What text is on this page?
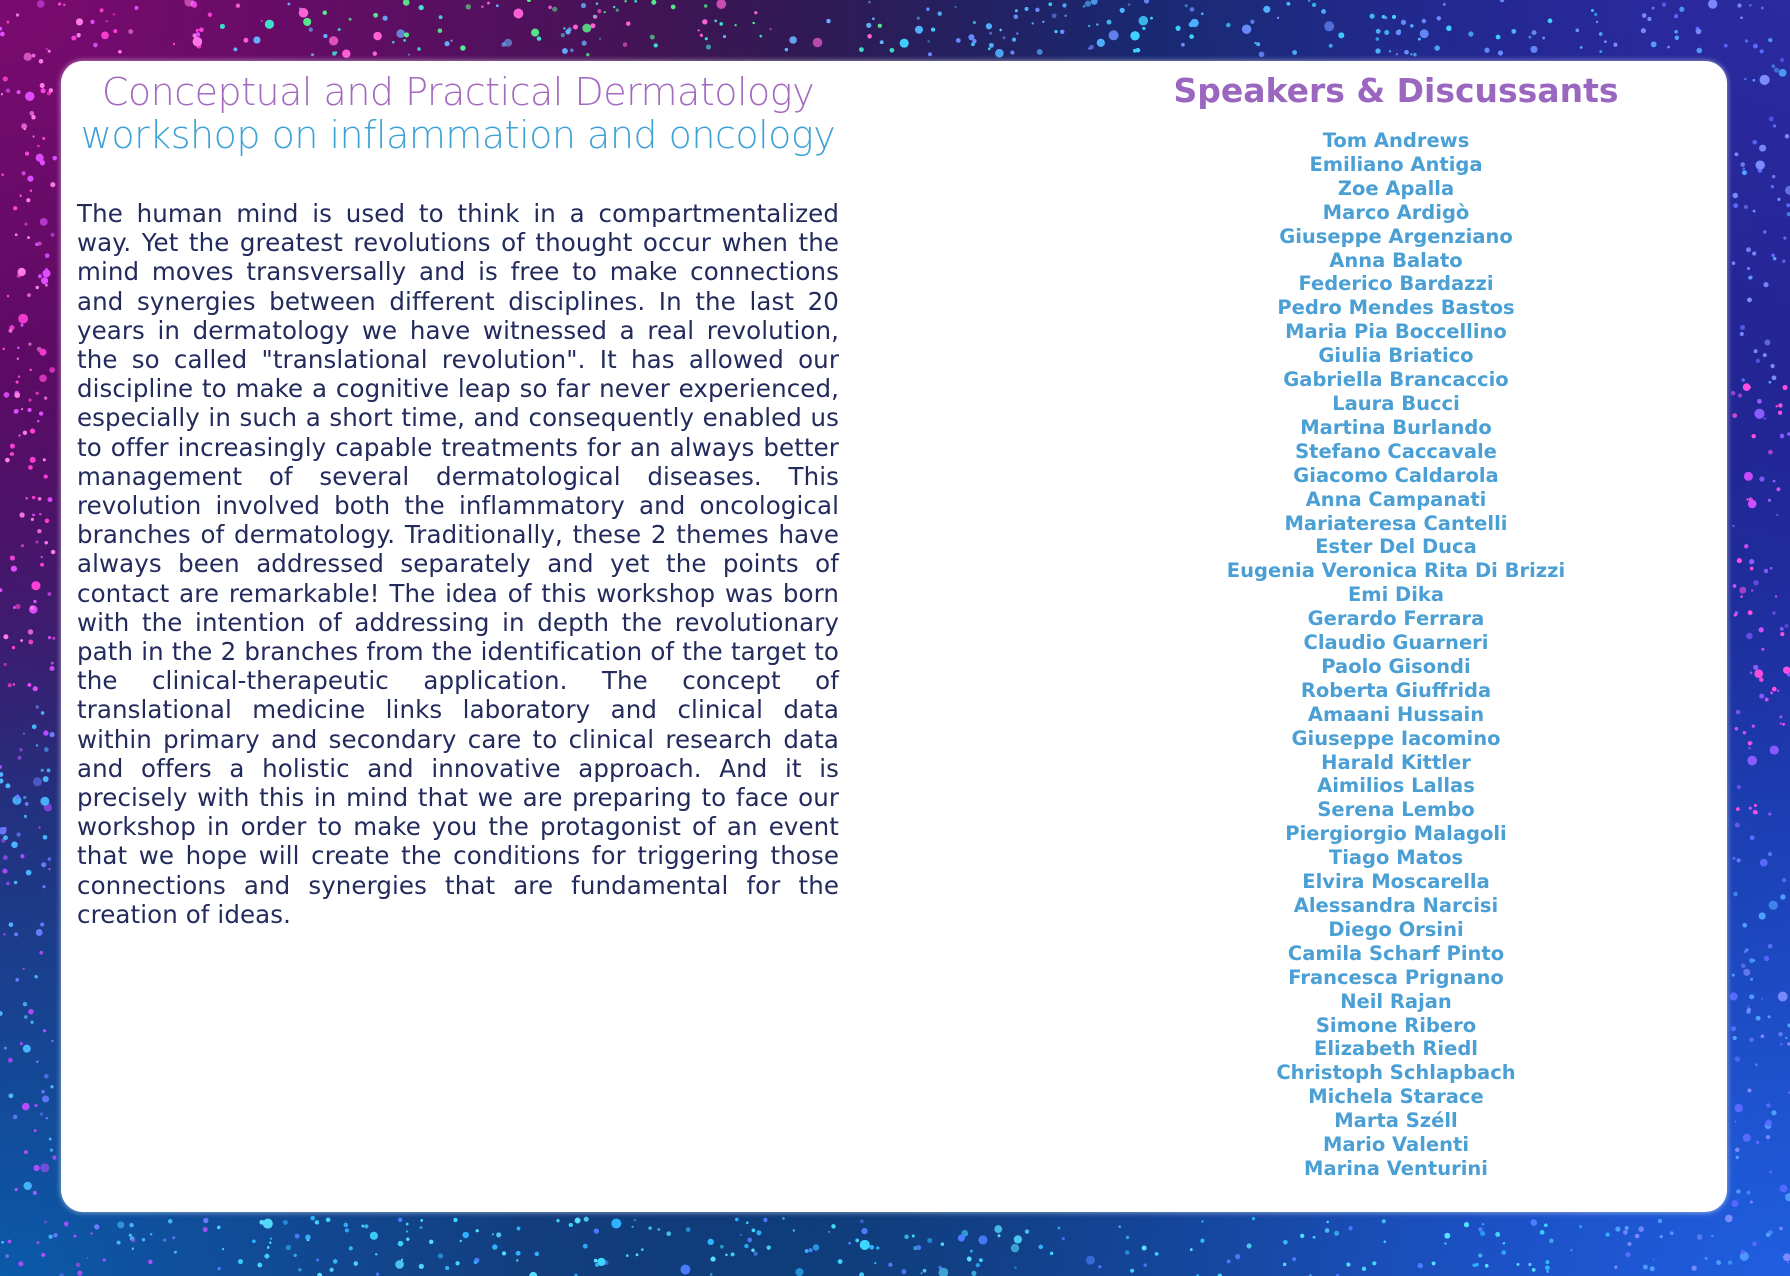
Conceptual and Practical Dermatology
workshop on inflammation and oncology
The human mind is used to think in a compartmentalized way. Yet the greatest revolutions of thought occur when the mind moves transversally and is free to make connections and synergies between different disciplines. In the last 20 years in dermatology we have witnessed a real revolution, the so called "translational revolution". It has allowed our discipline to make a cognitive leap so far never experienced, especially in such a short time, and consequently enabled us to offer increasingly capable treatments for an always better management of several dermatological diseases. This revolution involved both the inflammatory and oncological branches of dermatology. Traditionally, these 2 themes have always been addressed separately and yet the points of contact are remarkable! The idea of this workshop was born with the intention of addressing in depth the revolutionary path in the 2 branches from the identification of the target to the clinical-therapeutic application. The concept of translational medicine links laboratory and clinical data within primary and secondary care to clinical research data and offers a holistic and innovative approach. And it is precisely with this in mind that we are preparing to face our workshop in order to make you the protagonist of an event that we hope will create the conditions for triggering those connections and synergies that are fundamental for the creation of ideas.
Speakers & Discussants
Tom Andrews
Emiliano Antiga
Zoe Apalla
Marco Ardigò
Giuseppe Argenziano
Anna Balato
Federico Bardazzi
Pedro Mendes Bastos
Maria Pia Boccellino
Giulia Briatico
Gabriella Brancaccio
Laura Bucci
Martina Burlando
Stefano Caccavale
Giacomo Caldarola
Anna Campanati
Mariateresa Cantelli
Ester Del Duca
Eugenia Veronica Rita Di Brizzi
Emi Dika
Gerardo Ferrara
Claudio Guarneri
Paolo Gisondi
Roberta Giuffrida
Amaani Hussain
Giuseppe Iacomino
Harald Kittler
Aimilios Lallas
Serena Lembo
Piergiorgio Malagoli
Tiago Matos
Elvira Moscarella
Alessandra Narcisi
Diego Orsini
Camila Scharf Pinto
Francesca Prignano
Neil Rajan
Simone Ribero
Elizabeth Riedl
Christoph Schlapbach
Michela Starace
Marta Széll
Mario Valenti
Marina Venturini
